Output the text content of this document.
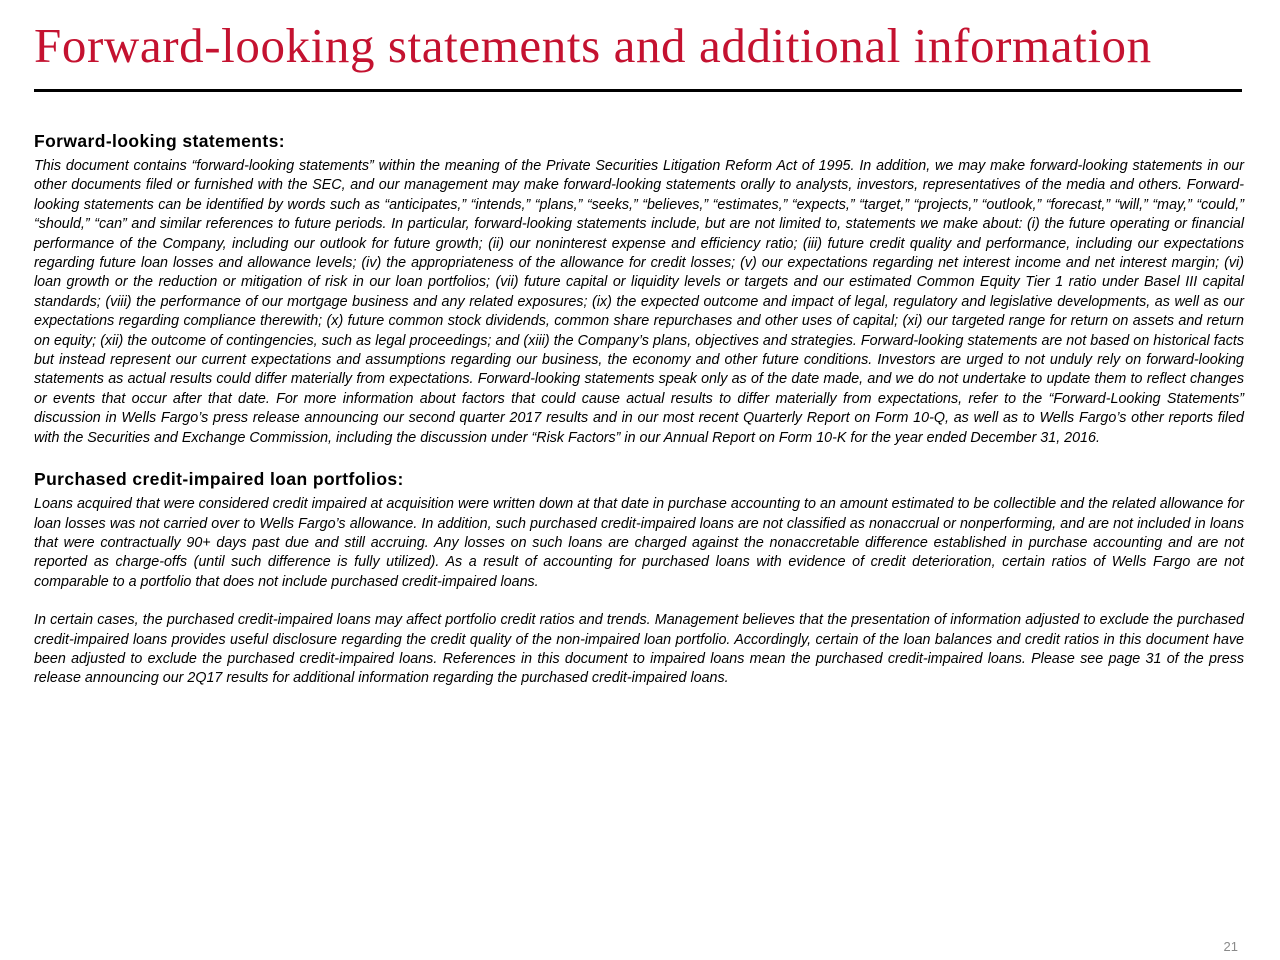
Forward-looking statements and additional information
Forward-looking statements:

This document contains “forward-looking statements” within the meaning of the Private Securities Litigation Reform Act of 1995. In addition, we may make forward-looking statements in our other documents filed or furnished with the SEC, and our management may make forward-looking statements orally to analysts, investors, representatives of the media and others. Forward-looking statements can be identified by words such as “anticipates,” “intends,” “plans,” “seeks,” “believes,” “estimates,” “expects,” “target,” “projects,” “outlook,” “forecast,” “will,” “may,” “could,” “should,” “can” and similar references to future periods. In particular, forward-looking statements include, but are not limited to, statements we make about: (i) the future operating or financial performance of the Company, including our outlook for future growth; (ii) our noninterest expense and efficiency ratio; (iii) future credit quality and performance, including our expectations regarding future loan losses and allowance levels; (iv) the appropriateness of the allowance for credit losses; (v) our expectations regarding net interest income and net interest margin; (vi) loan growth or the reduction or mitigation of risk in our loan portfolios; (vii) future capital or liquidity levels or targets and our estimated Common Equity Tier 1 ratio under Basel III capital standards; (viii) the performance of our mortgage business and any related exposures; (ix) the expected outcome and impact of legal, regulatory and legislative developments, as well as our expectations regarding compliance therewith; (x) future common stock dividends, common share repurchases and other uses of capital; (xi) our targeted range for return on assets and return on equity; (xii) the outcome of contingencies, such as legal proceedings; and (xiii) the Company’s plans, objectives and strategies. Forward-looking statements are not based on historical facts but instead represent our current expectations and assumptions regarding our business, the economy and other future conditions. Investors are urged to not unduly rely on forward-looking statements as actual results could differ materially from expectations. Forward-looking statements speak only as of the date made, and we do not undertake to update them to reflect changes or events that occur after that date. For more information about factors that could cause actual results to differ materially from expectations, refer to the “Forward-Looking Statements” discussion in Wells Fargo’s press release announcing our second quarter 2017 results and in our most recent Quarterly Report on Form 10-Q, as well as to Wells Fargo’s other reports filed with the Securities and Exchange Commission, including the discussion under “Risk Factors” in our Annual Report on Form 10-K for the year ended December 31, 2016.

Purchased credit-impaired loan portfolios:

Loans acquired that were considered credit impaired at acquisition were written down at that date in purchase accounting to an amount estimated to be collectible and the related allowance for loan losses was not carried over to Wells Fargo’s allowance. In addition, such purchased credit-impaired loans are not classified as nonaccrual or nonperforming, and are not included in loans that were contractually 90+ days past due and still accruing. Any losses on such loans are charged against the nonaccretable difference established in purchase accounting and are not reported as charge-offs (until such difference is fully utilized). As a result of accounting for purchased loans with evidence of credit deterioration, certain ratios of Wells Fargo are not comparable to a portfolio that does not include purchased credit-impaired loans.

In certain cases, the purchased credit-impaired loans may affect portfolio credit ratios and trends. Management believes that the presentation of information adjusted to exclude the purchased credit-impaired loans provides useful disclosure regarding the credit quality of the non-impaired loan portfolio. Accordingly, certain of the loan balances and credit ratios in this document have been adjusted to exclude the purchased credit-impaired loans. References in this document to impaired loans mean the purchased credit-impaired loans. Please see page 31 of the press release announcing our 2Q17 results for additional information regarding the purchased credit-impaired loans.

21
